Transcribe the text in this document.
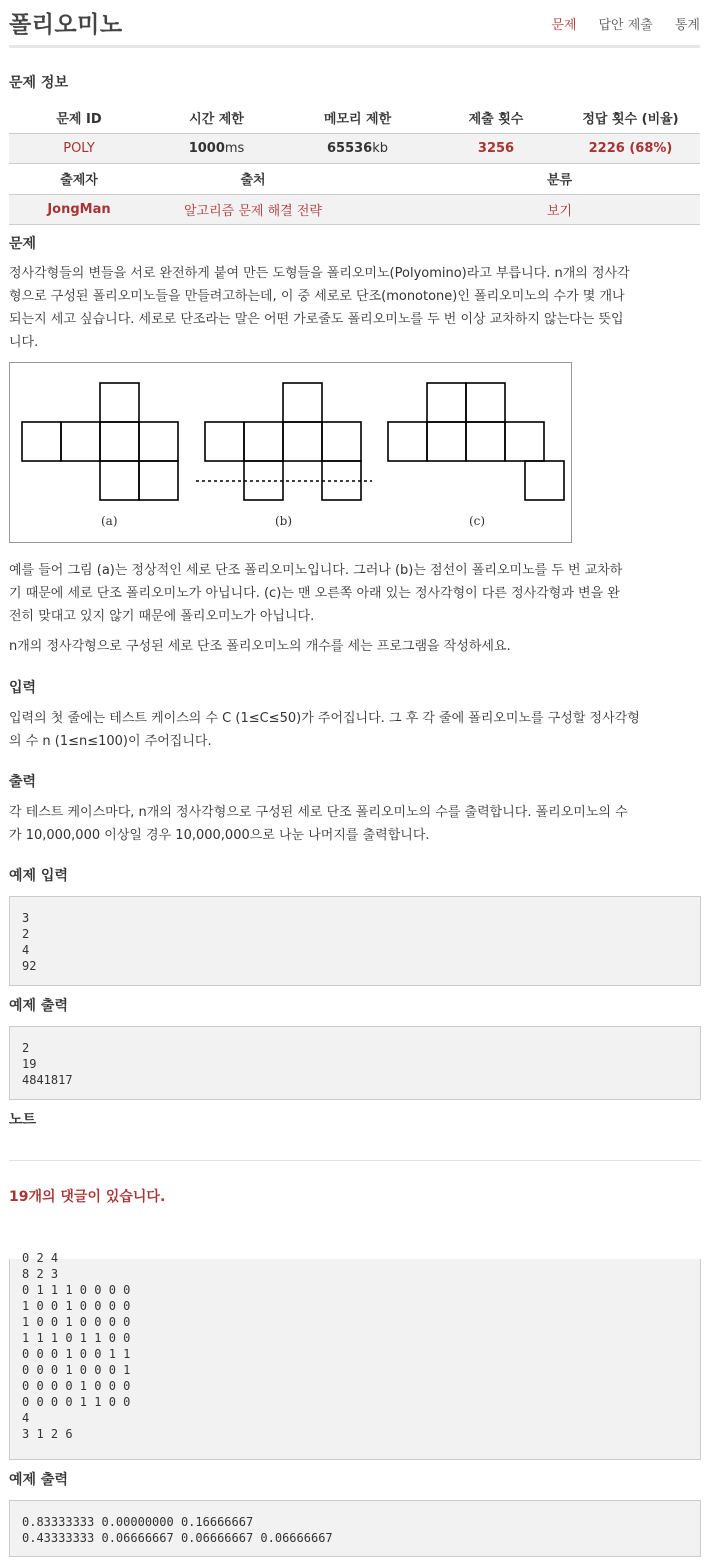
폴리오미노	문제 답안 제출 통계
문제 정보
문제 ID	시간 제한	메모리 제한	제출 횟수	정답 횟수 (비율)
POLY	1000ms	65536kb	3256	2226 (68%)
출제자	출처	분류
JongMan	알고리즘 문제 해결 전략	보기
문제

정사각형들의 변들을 서로 완전하게 붙여 만든 도형들을 폴리오미노(Polyomino)라고 부릅니다. n개의 정사각
형으로 구성된 폴리오미노들을 만들려고하는데, 이 중 세로로 단조(monotone)인 폴리오미노의 수가 몇 개나
되는지 세고 싶습니다. 세로로 단조라는 말은 어떤 가로줄도 폴리오미노를 두 번 이상 교차하지 않는다는 뜻입
니다.

(a)	(b)	(c)

예를 들어 그림 (a)는 정상적인 세로 단조 폴리오미노입니다. 그러나 (b)는 점선이 폴리오미노를 두 번 교차하
기 때문에 세로 단조 폴리오미노가 아닙니다. (c)는 맨 오른쪽 아래 있는 정사각형이 다른 정사각형과 변을 완
전히 맞대고 있지 않기 때문에 폴리오미노가 아닙니다.

n개의 정사각형으로 구성된 세로 단조 폴리오미노의 개수를 세는 프로그램을 작성하세요.

입력

입력의 첫 줄에는 테스트 케이스의 수 C (1≤C≤50)가 주어집니다. 그 후 각 줄에 폴리오미노를 구성할 정사각형
의 수 n (1≤n≤100)이 주어집니다.

출력

각 테스트 케이스마다, n개의 정사각형으로 구성된 세로 단조 폴리오미노의 수를 출력합니다. 폴리오미노의 수
가 10,000,000 이상일 경우 10,000,000으로 나눈 나머지를 출력합니다.

예제 입력
3
2
4
92
예제 출력
2
19
4841817
노트
19개의 댓글이 있습니다.
0 2 4
8 2 3
0 1 1 1 0 0 0 0
1 0 0 1 0 0 0 0
1 0 0 1 0 0 0 0
1 1 1 0 1 1 0 0
0 0 0 1 0 0 1 1
0 0 0 1 0 0 0 1
0 0 0 0 1 0 0 0
0 0 0 0 1 1 0 0
4
3 1 2 6
예제 출력
0.83333333 0.00000000 0.16666667
0.43333333 0.06666667 0.06666667 0.06666667
